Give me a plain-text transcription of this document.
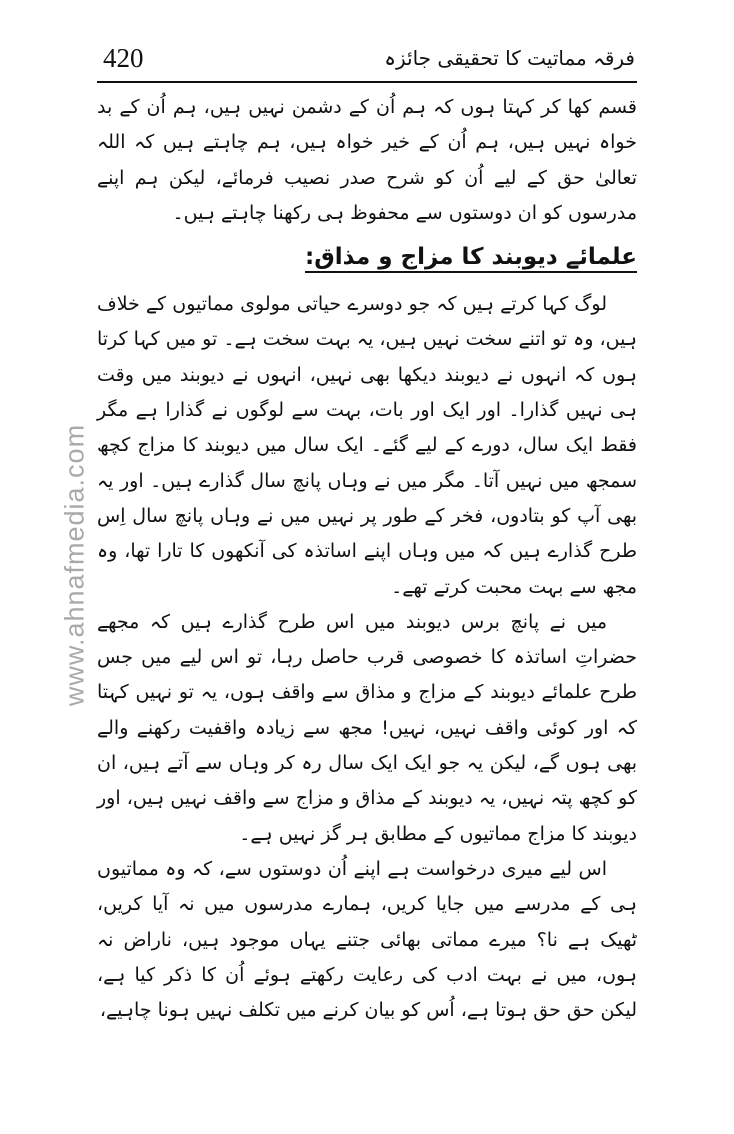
420	فرقہ مماتیت کا تحقیقی جائزہ
www.ahnafmedia.com

قسم کھا کر کہتا ہوں کہ ہم اُن کے دشمن نہیں ہیں، ہم اُن کے بد خواہ نہیں ہیں، ہم اُن کے خیر خواہ ہیں، ہم چاہتے ہیں کہ اللہ تعالیٰ حق کے لیے اُن کو شرح صدر نصیب فرمائے، لیکن ہم اپنے مدرسوں کو ان دوستوں سے محفوظ ہی رکھنا چاہتے ہیں۔

علمائے دیوبند کا مزاج و مذاق:

لوگ کہا کرتے ہیں کہ جو دوسرے حیاتی مولوی مماتیوں کے خلاف ہیں، وہ تو اتنے سخت نہیں ہیں، یہ بہت سخت ہے۔ تو میں کہا کرتا ہوں کہ انہوں نے دیوبند دیکھا بھی نہیں، انہوں نے دیوبند میں وقت ہی نہیں گذارا۔ اور ایک اور بات، بہت سے لوگوں نے گذارا ہے مگر فقط ایک سال، دورے کے لیے گئے۔ ایک سال میں دیوبند کا مزاج کچھ سمجھ میں نہیں آتا۔ مگر میں نے وہاں پانچ سال گذارے ہیں۔ اور یہ بھی آپ کو بتادوں، فخر کے طور پر نہیں میں نے وہاں پانچ سال اِس طرح گذارے ہیں کہ میں وہاں اپنے اساتذہ کی آنکھوں کا تارا تھا، وہ مجھ سے بہت محبت کرتے تھے۔

میں نے پانچ برس دیوبند میں اس طرح گذارے ہیں کہ مجھے حضراتِ اساتذہ کا خصوصی قرب حاصل رہا، تو اس لیے میں جس طرح علمائے دیوبند کے مزاج و مذاق سے واقف ہوں، یہ تو نہیں کہتا کہ اور کوئی واقف نہیں، نہیں! مجھ سے زیادہ واقفیت رکھنے والے بھی ہوں گے، لیکن یہ جو ایک ایک سال رہ کر وہاں سے آتے ہیں، ان کو کچھ پتہ نہیں، یہ دیوبند کے مذاق و مزاج سے واقف نہیں ہیں، اور دیوبند کا مزاج مماتیوں کے مطابق ہر گز نہیں ہے۔

اس لیے میری درخواست ہے اپنے اُن دوستوں سے، کہ وہ مماتیوں ہی کے مدرسے میں جایا کریں، ہمارے مدرسوں میں نہ آیا کریں، ٹھیک ہے نا؟ میرے مماتی بھائی جتنے یہاں موجود ہیں، ناراض نہ ہوں، میں نے بہت ادب کی رعایت رکھتے ہوئے اُن کا ذکر کیا ہے، لیکن حق حق ہوتا ہے، اُس کو بیان کرنے میں تکلف نہیں ہونا چاہیے،
